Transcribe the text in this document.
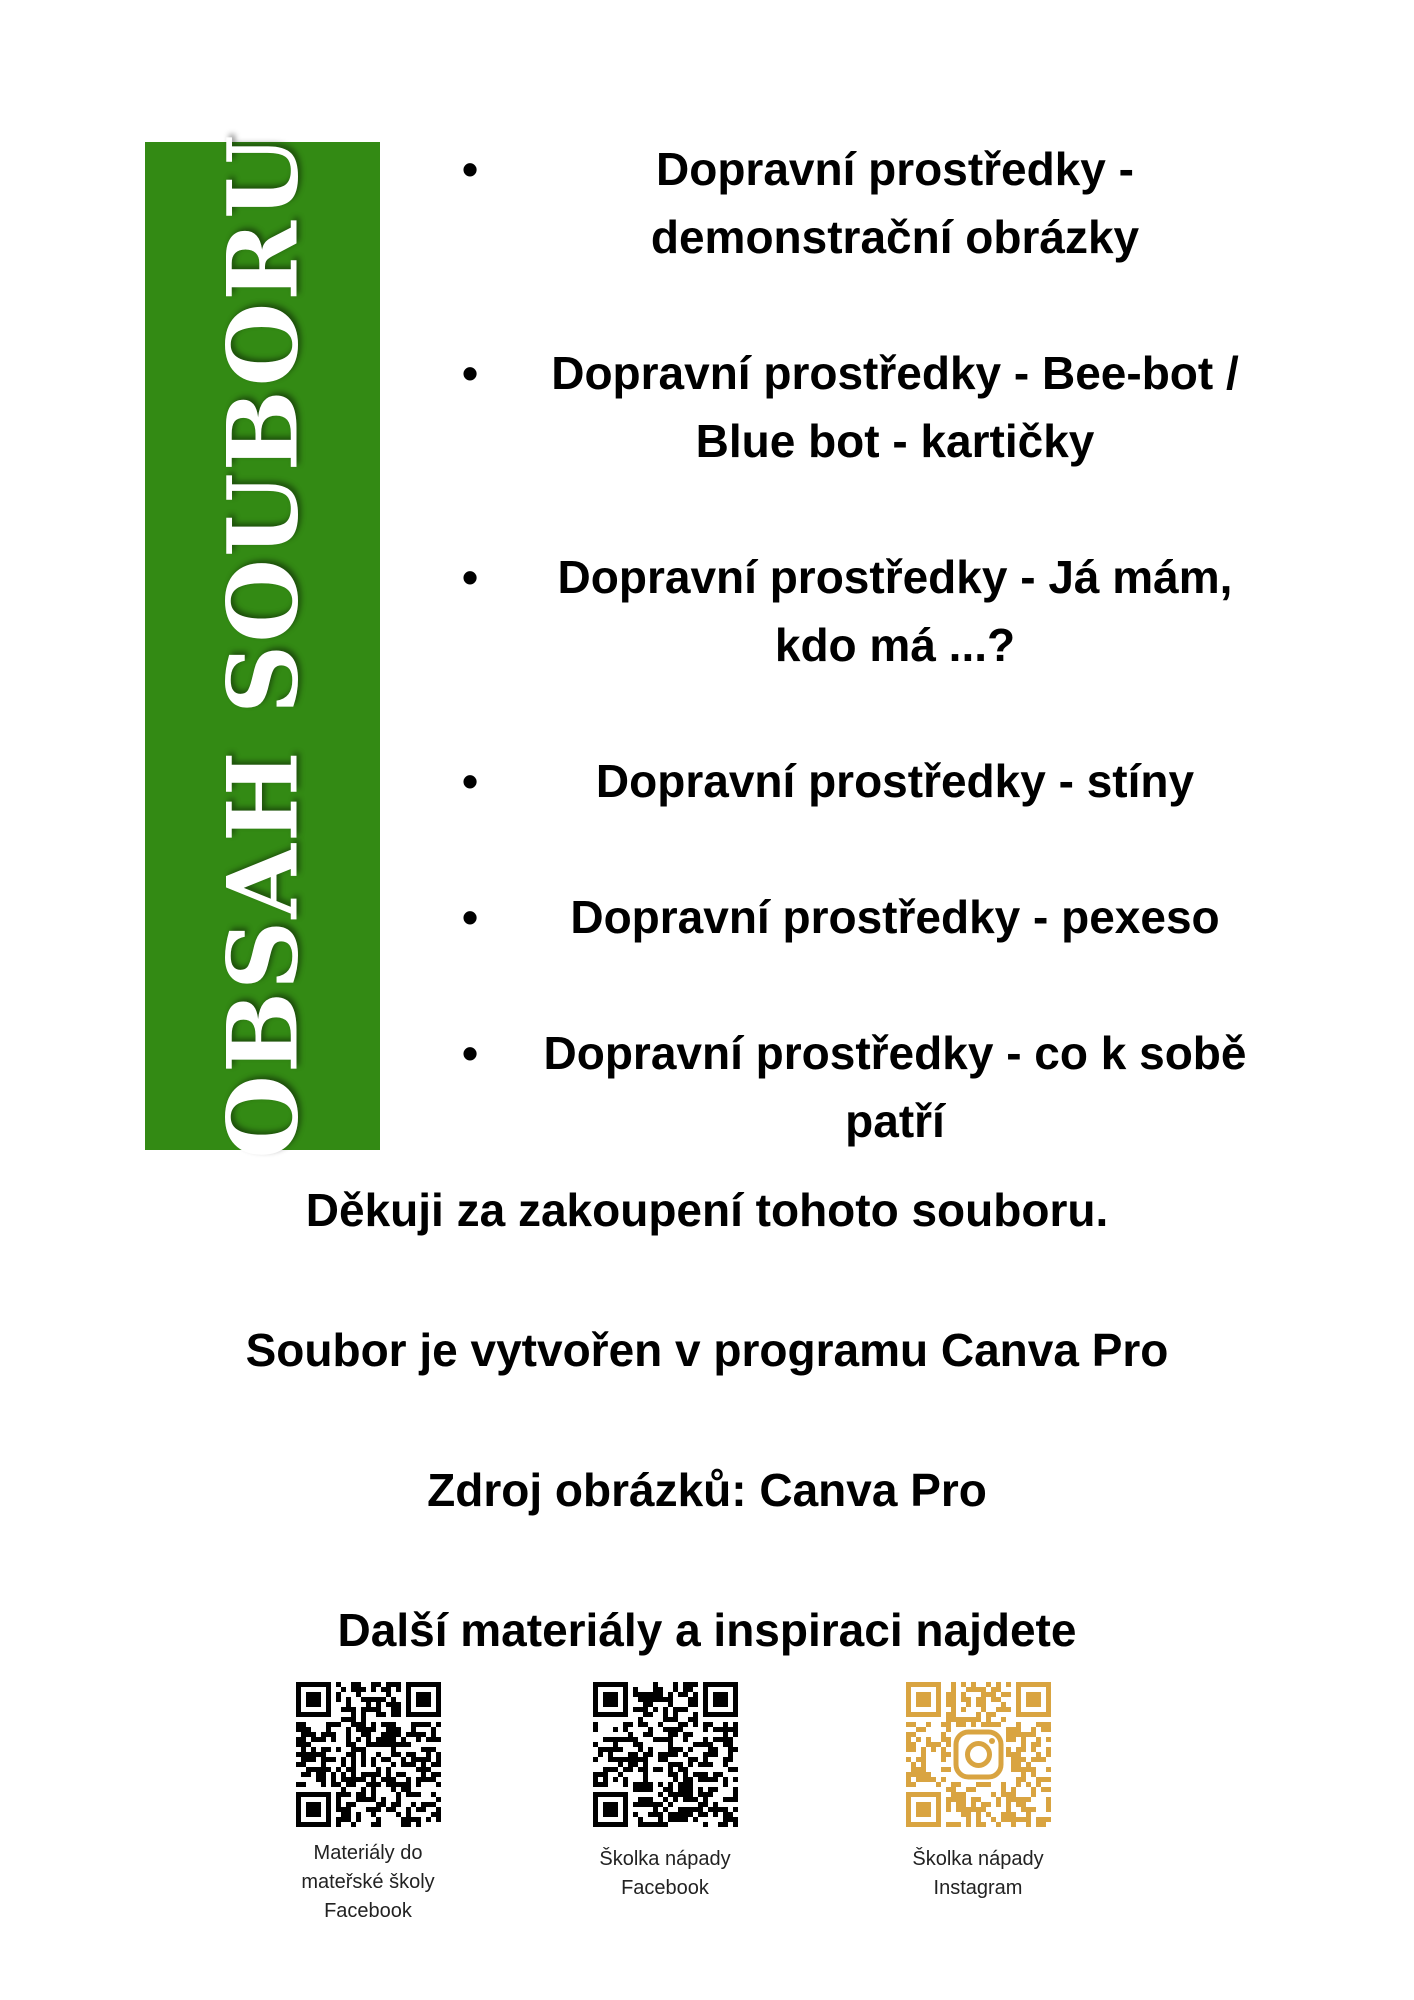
OBSAH SOUBORU	•	Dopravní prostředky -
demonstrační obrázky
•	Dopravní prostředky - Bee-bot /
Blue bot - kartičky
•	Dopravní prostředky - Já mám,
kdo má ...?
•	Dopravní prostředky - stíny
•	Dopravní prostředky - pexeso
•	Dopravní prostředky - co k sobě
patří
Děkuji za zakoupení tohoto souboru.
Soubor je vytvořen v programu Canva Pro
Zdroj obrázků: Canva Pro
Další materiály a inspiraci najdete
Materiály do
mateřské školy
Facebook
Školka nápady
Facebook
Školka nápady
Instagram
